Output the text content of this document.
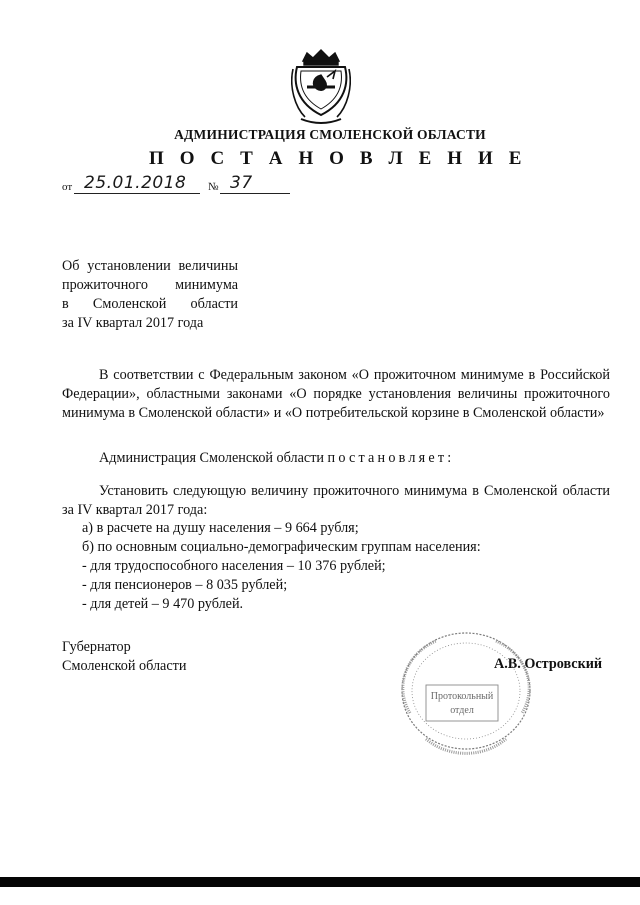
АДМИНИСТРАЦИЯ СМОЛЕНСКОЙ ОБЛАСТИ
П О С Т А Н О В Л Е Н И Е
от 25.01.2018 № 37
Об установлении величины
прожиточного минимума
в Смоленской области
за IV квартал 2017 года
В соответствии с Федеральным законом «О прожиточном минимуме в Российской Федерации», областными законами «О порядке установления величины прожиточного минимума в Смоленской области» и «О потребительской корзине в Смоленской области»
Администрация Смоленской области постановляет:
Установить следующую величину прожиточного минимума в Смоленской области за IV квартал 2017 года:
а) в расчете на душу населения – 9 664 рубля;
б) по основным социально-демографическим группам населения:
- для трудоспособного населения – 10 376 рублей;
- для пенсионеров – 8 035 рублей;
- для детей – 9 470 рублей.
Губернатор
Смоленской области
Протокольный
отдел
А.В. Островский
